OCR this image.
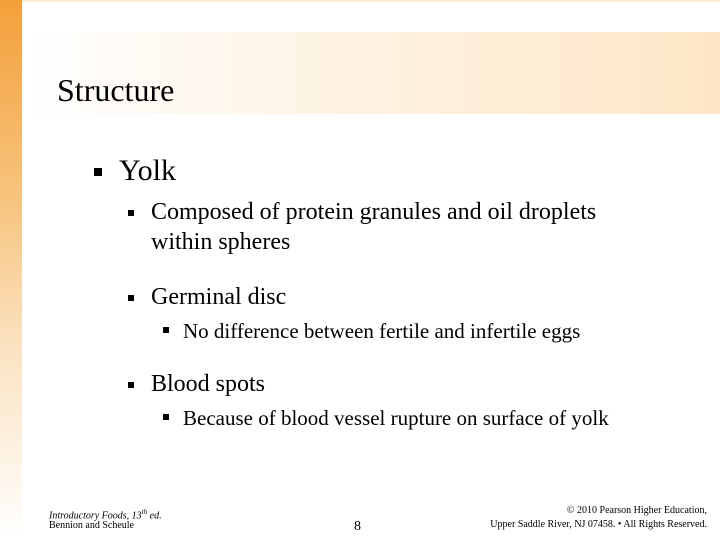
Structure
Yolk
Composed of protein granules and oil droplets
within spheres
Germinal disc
No difference between fertile and infertile eggs
Blood spots
Because of blood vessel rupture on surface of yolk
Introductory Foods, 13th ed.
Bennion and Scheule	8
© 2010 Pearson Higher Education,
Upper Saddle River, NJ 07458. • All Rights Reserved.
